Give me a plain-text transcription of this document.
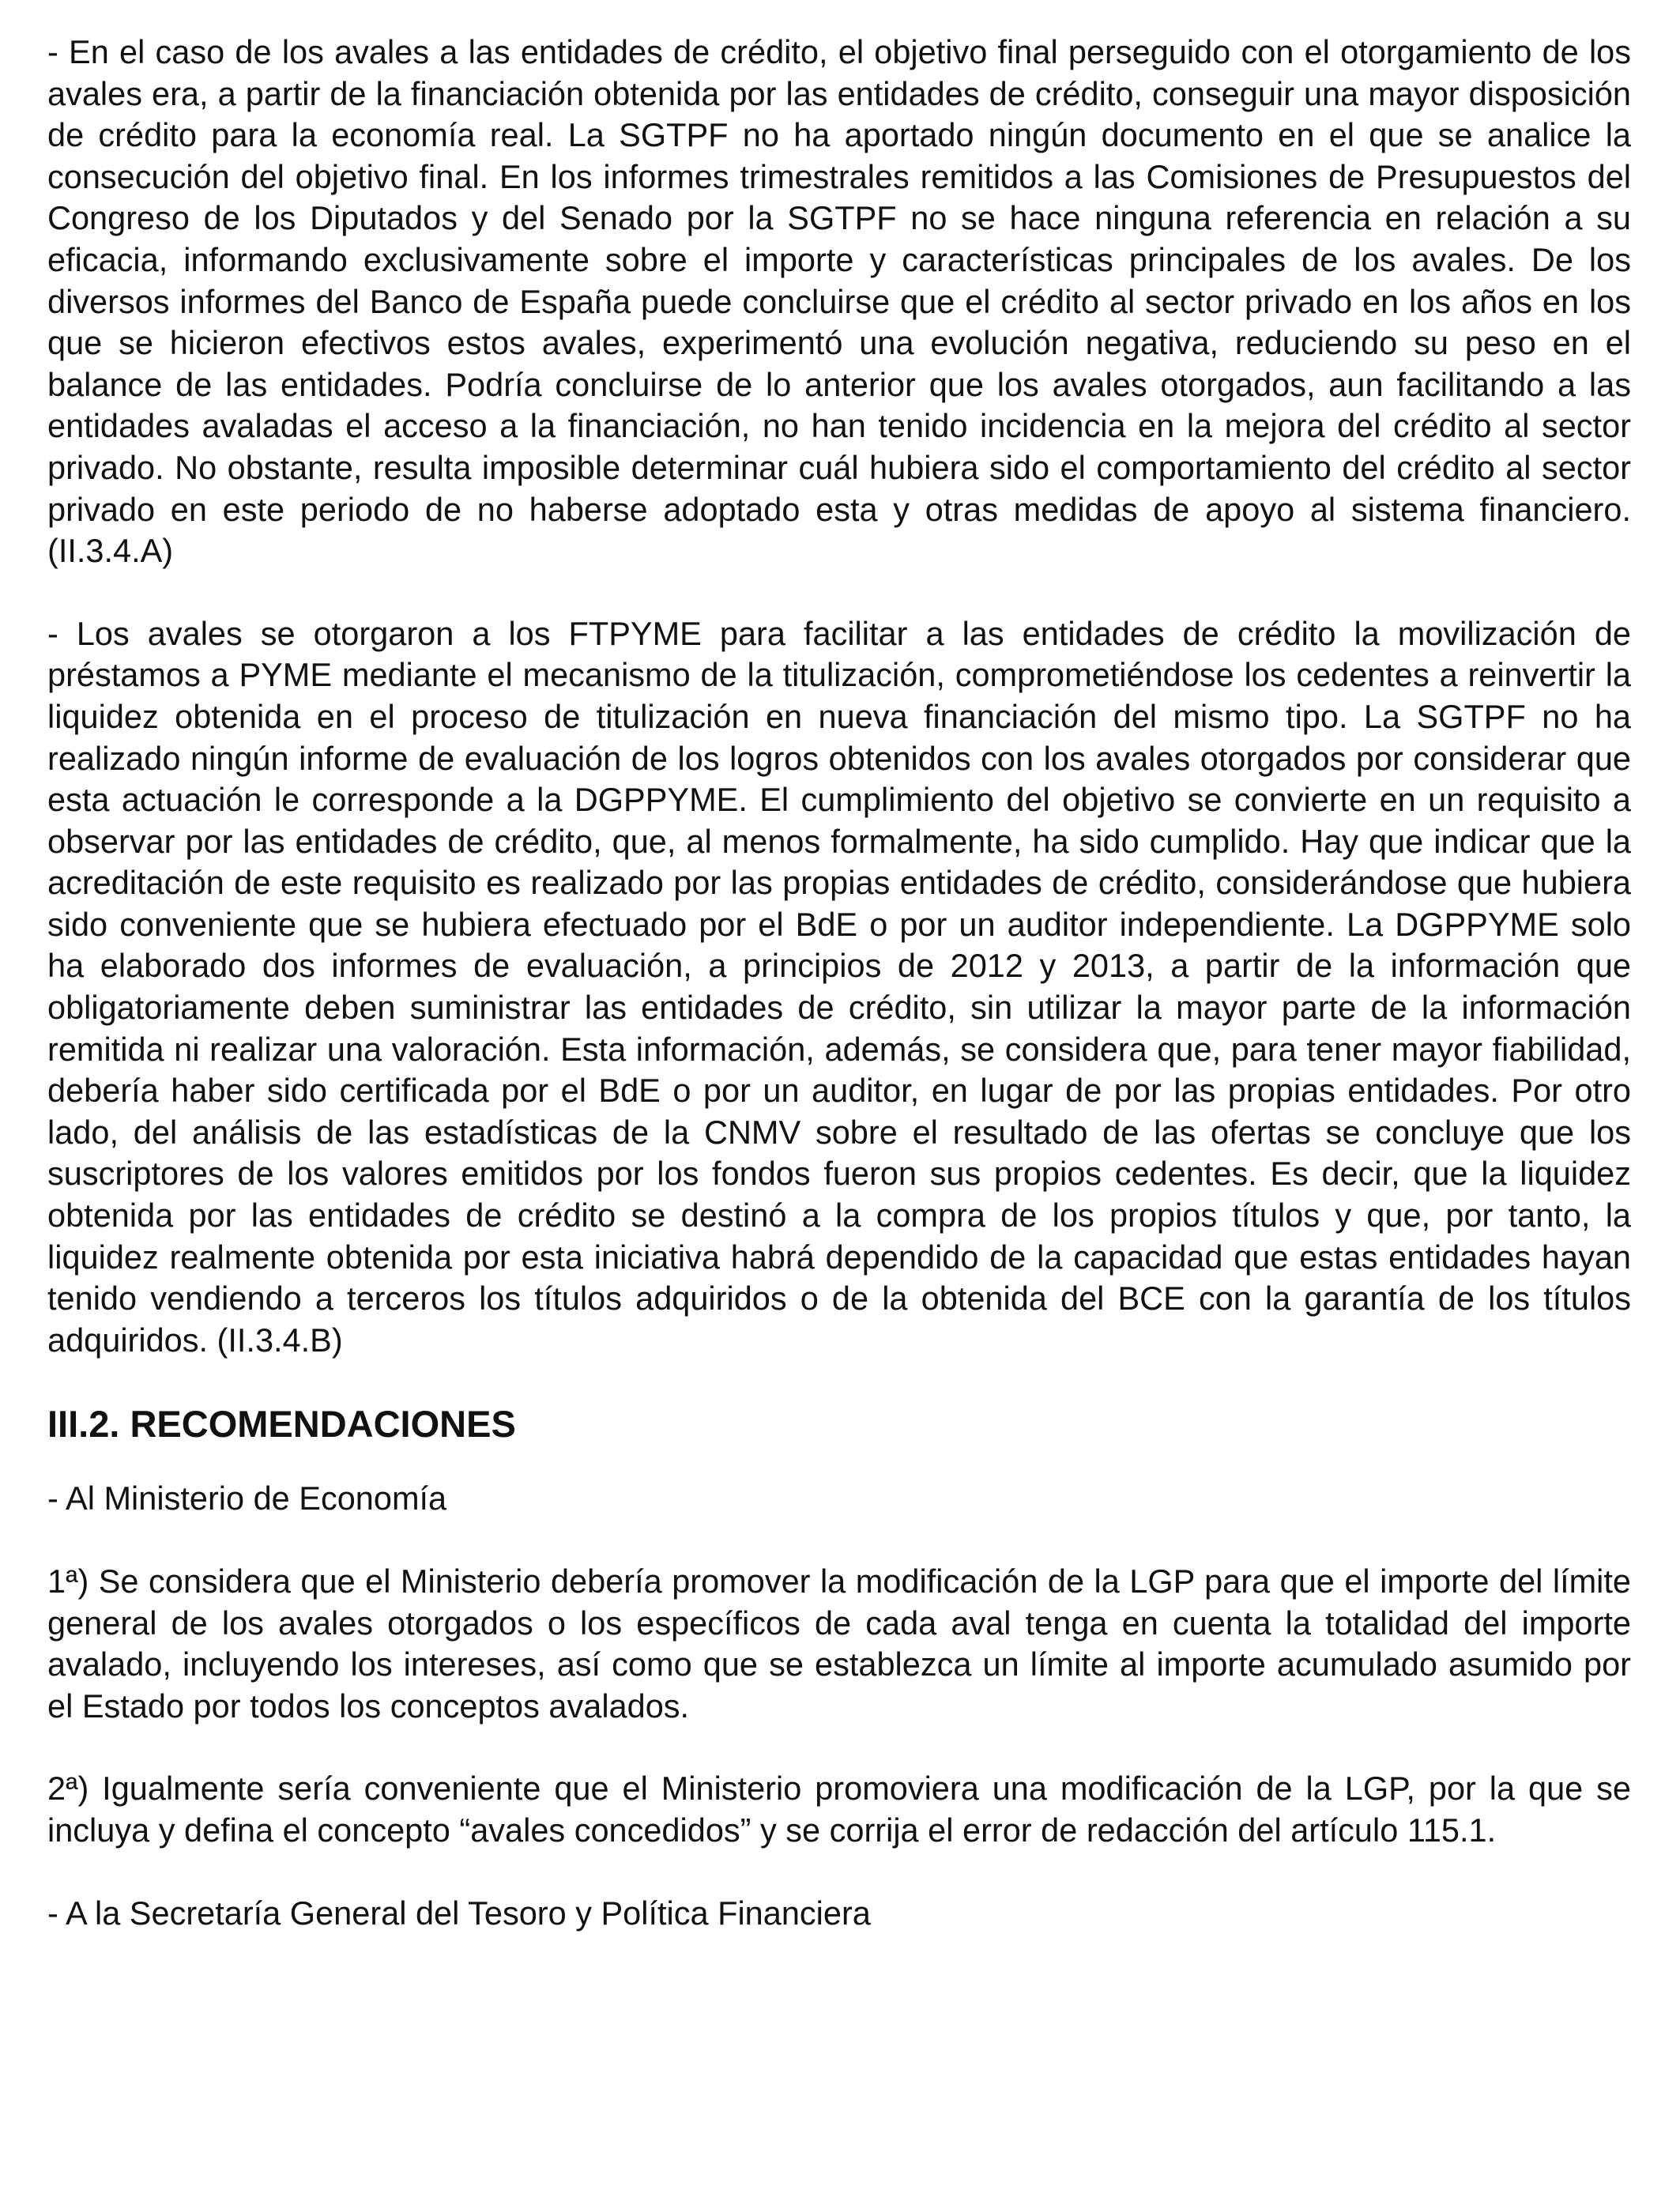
- En el caso de los avales a las entidades de crédito, el objetivo final perseguido con el otorgamiento de los avales era, a partir de la financiación obtenida por las entidades de crédito, conseguir una mayor disposición de crédito para la economía real. La SGTPF no ha aportado ningún documento en el que se analice la consecución del objetivo final. En los informes trimestrales remitidos a las Comisiones de Presupuestos del Congreso de los Diputados y del Senado por la SGTPF no se hace ninguna referencia en relación a su eficacia, informando exclusivamente sobre el importe y características principales de los avales. De los diversos informes del Banco de España puede concluirse que el crédito al sector privado en los años en los que se hicieron efectivos estos avales, experimentó una evolución negativa, reduciendo su peso en el balance de las entidades. Podría concluirse de lo anterior que los avales otorgados, aun facilitando a las entidades avaladas el acceso a la financiación, no han tenido incidencia en la mejora del crédito al sector privado. No obstante, resulta imposible determinar cuál hubiera sido el comportamiento del crédito al sector privado en este periodo de no haberse adoptado esta y otras medidas de apoyo al sistema financiero. (II.3.4.A)

- Los avales se otorgaron a los FTPYME para facilitar a las entidades de crédito la movilización de préstamos a PYME mediante el mecanismo de la titulización, comprometiéndose los cedentes a reinvertir la liquidez obtenida en el proceso de titulización en nueva financiación del mismo tipo. La SGTPF no ha realizado ningún informe de evaluación de los logros obtenidos con los avales otorgados por considerar que esta actuación le corresponde a la DGPPYME. El cumplimiento del objetivo se convierte en un requisito a observar por las entidades de crédito, que, al menos formalmente, ha sido cumplido. Hay que indicar que la acreditación de este requisito es realizado por las propias entidades de crédito, considerándose que hubiera sido conveniente que se hubiera efectuado por el BdE o por un auditor independiente. La DGPPYME solo ha elaborado dos informes de evaluación, a principios de 2012 y 2013, a partir de la información que obligatoriamente deben suministrar las entidades de crédito, sin utilizar la mayor parte de la información remitida ni realizar una valoración. Esta información, además, se considera que, para tener mayor fiabilidad, debería haber sido certificada por el BdE o por un auditor, en lugar de por las propias entidades. Por otro lado, del análisis de las estadísticas de la CNMV sobre el resultado de las ofertas se concluye que los suscriptores de los valores emitidos por los fondos fueron sus propios cedentes. Es decir, que la liquidez obtenida por las entidades de crédito se destinó a la compra de los propios títulos y que, por tanto, la liquidez realmente obtenida por esta iniciativa habrá dependido de la capacidad que estas entidades hayan tenido vendiendo a terceros los títulos adquiridos o de la obtenida del BCE con la garantía de los títulos adquiridos. (II.3.4.B)

III.2. RECOMENDACIONES

- Al Ministerio de Economía

1ª) Se considera que el Ministerio debería promover la modificación de la LGP para que el importe del límite general de los avales otorgados o los específicos de cada aval tenga en cuenta la totalidad del importe avalado, incluyendo los intereses, así como que se establezca un límite al importe acumulado asumido por el Estado por todos los conceptos avalados.

2ª) Igualmente sería conveniente que el Ministerio promoviera una modificación de la LGP, por la que se incluya y defina el concepto “avales concedidos” y se corrija el error de redacción del artículo 115.1.

- A la Secretaría General del Tesoro y Política Financiera
